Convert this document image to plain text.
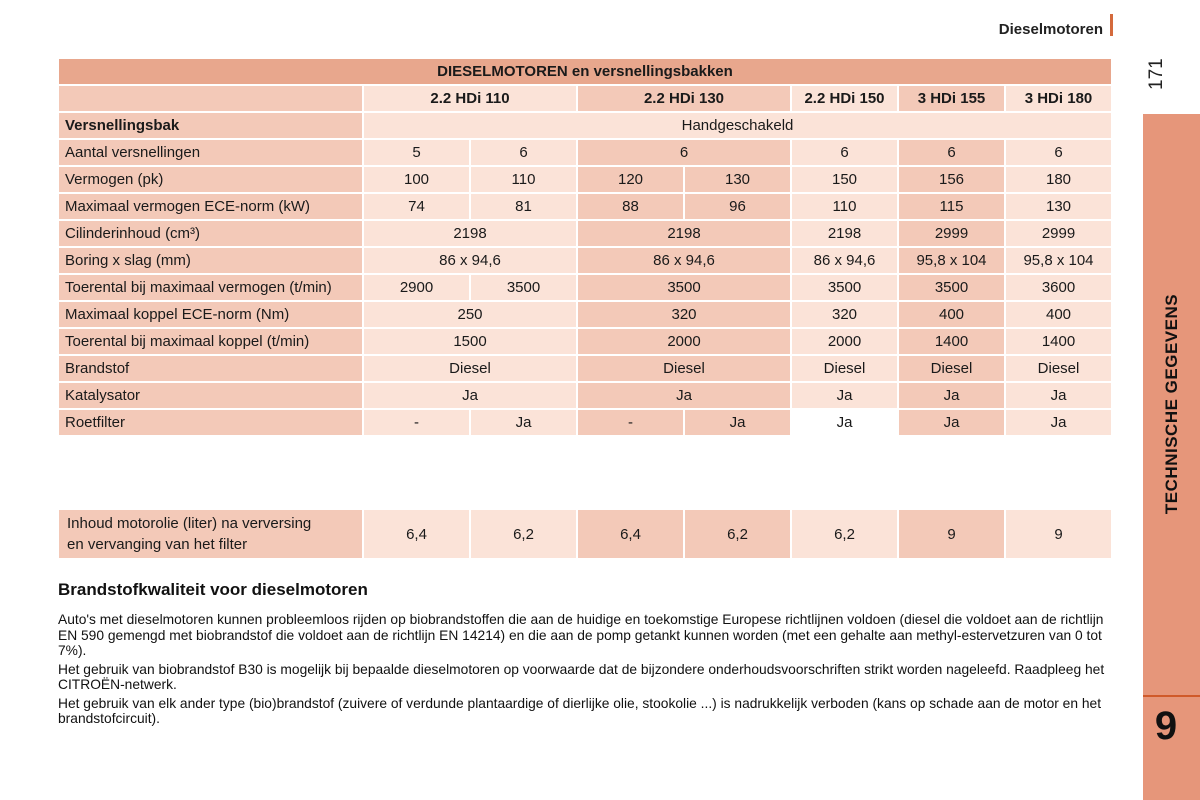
Dieselmotoren
171
TECHNISCHE GEGEVENS
9
DIESELMOTOREN en versnellingsbakken							
	2.2 HDi 110		2.2 HDi 130		2.2 HDi 150	3 HDi 155	3 HDi 180
Versnellingsbak	Handgeschakeld						
Aantal versnellingen	5	6	6		6	6	6
Vermogen (pk)	100	110	120	130	150	156	180
Maximaal vermogen ECE-norm (kW)	74	81	88	96	110	115	130
Cilinderinhoud (cm³)	2198		2198		2198	2999	2999
Boring x slag (mm)	86 x 94,6		86 x 94,6		86 x 94,6	95,8 x 104	95,8 x 104
Toerental bij maximaal vermogen (t/min)	2900	3500	3500		3500	3500	3600
Maximaal koppel ECE-norm (Nm)	250		320		320	400	400
Toerental bij maximaal koppel (t/min)	1500		2000		2000	1400	1400
Brandstof	Diesel		Diesel		Diesel	Diesel	Diesel
Katalysator	Ja		Ja		Ja	Ja	Ja
Roetfilter	-	Ja	-	Ja	Ja	Ja	Ja
Inhoud motorolie (liter) na verversing
en vervanging van het filter
	6,4	6,2	6,4	6,2	6,2	9	9
Brandstofkwaliteit voor dieselmotoren

Auto's met dieselmotoren kunnen probleemloos rijden op biobrandstoffen die aan de huidige en toekomstige Europese richtlijnen voldoen (diesel die voldoet aan de richtlijn EN 590 gemengd met biobrandstof die voldoet aan de richtlijn EN 14214) en die aan de pomp getankt kunnen worden (met een gehalte aan methyl-estervetzuren van 0 tot 7%).

Het gebruik van biobrandstof B30 is mogelijk bij bepaalde dieselmotoren op voorwaarde dat de bijzondere onderhoudsvoorschriften strikt worden nageleefd. Raadpleeg het CITROËN-netwerk.

Het gebruik van elk ander type (bio)brandstof (zuivere of verdunde plantaardige of dierlijke olie, stookolie ...) is nadrukkelijk verboden (kans op schade aan de motor en het brandstofcircuit).
